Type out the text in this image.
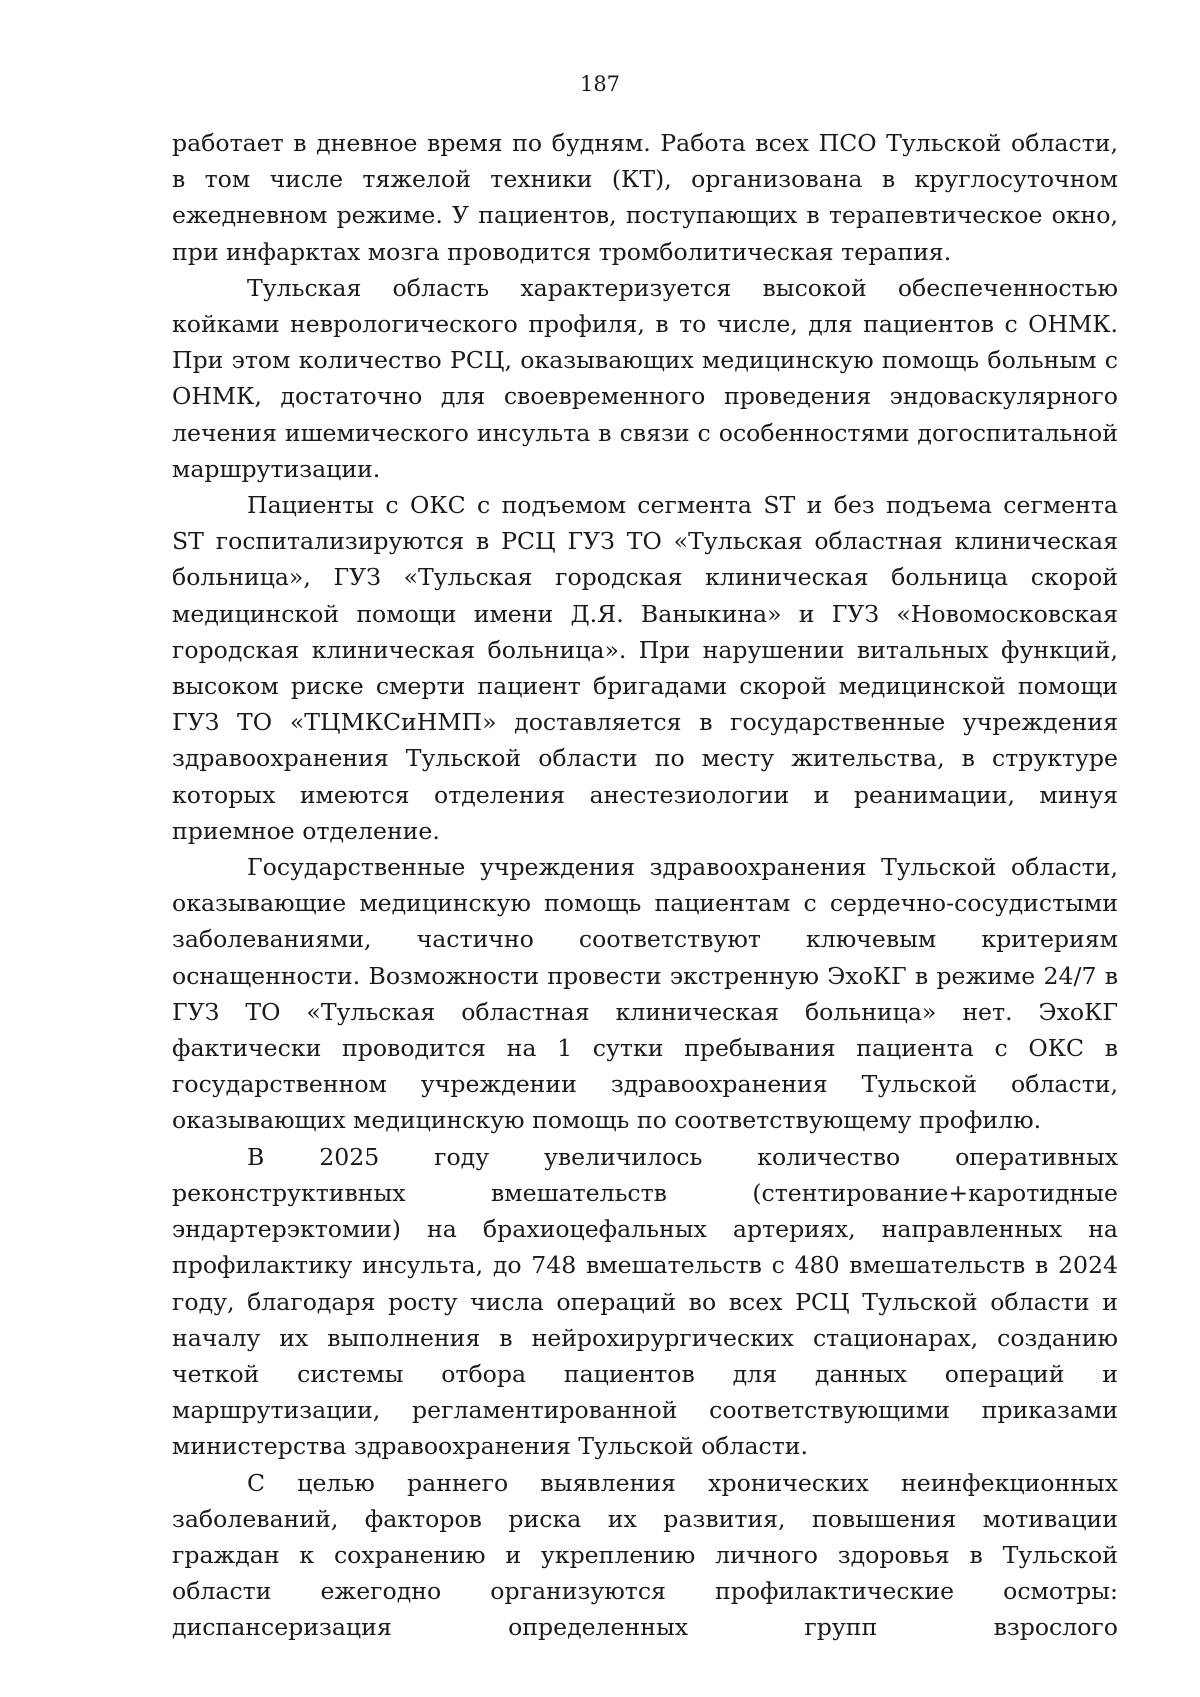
187

работает в дневное время по будням. Работа всех ПСО Тульской области, в том числе тяжелой техники (КТ), организована в круглосуточном ежедневном режиме. У пациентов, поступающих в терапевтическое окно, при инфарктах мозга проводится тромболитическая терапия.

Тульская область характеризуется высокой обеспеченностью койками неврологического профиля, в то числе, для пациентов с ОНМК. При этом количество РСЦ, оказывающих медицинскую помощь больным с ОНМК, достаточно для своевременного проведения эндоваскулярного лечения ишемического инсульта в связи с особенностями догоспитальной маршрутизации.

Пациенты с ОКС с подъемом сегмента ST и без подъема сегмента ST госпитализируются в РСЦ ГУЗ ТО «Тульская областная клиническая больница», ГУЗ «Тульская городская клиническая больница скорой медицинской помощи имени Д.Я. Ваныкина» и ГУЗ «Новомосковская городская клиническая больница». При нарушении витальных функций, высоком риске смерти пациент бригадами скорой медицинской помощи ГУЗ ТО «ТЦМКСиНМП» доставляется в государственные учреждения здравоохранения Тульской области по месту жительства, в структуре которых имеются отделения анестезиологии и реанимации, минуя приемное отделение.

Государственные учреждения здравоохранения Тульской области, оказывающие медицинскую помощь пациентам с сердечно-сосудистыми заболеваниями, частично соответствуют ключевым критериям оснащенности. Возможности провести экстренную ЭхоКГ в режиме 24/7 в ГУЗ ТО «Тульская областная клиническая больница» нет. ЭхоКГ фактически проводится на 1 сутки пребывания пациента с ОКС в государственном учреждении здравоохранения Тульской области, оказывающих медицинскую помощь по соответствующему профилю.

В 2025 году увеличилось количество оперативных реконструктивных вмешательств (стентирование+каротидные эндартерэктомии) на брахиоцефальных артериях, направленных на профилактику инсульта, до 748 вмешательств с 480 вмешательств в 2024 году, благодаря росту числа операций во всех РСЦ Тульской области и началу их выполнения в нейрохирургических стационарах, созданию четкой системы отбора пациентов для данных операций и маршрутизации, регламентированной соответствующими приказами министерства здравоохранения Тульской области.

С целью раннего выявления хронических неинфекционных заболеваний, факторов риска их развития, повышения мотивации граждан к сохранению и укреплению личного здоровья в Тульской области ежегодно организуются профилактические осмотры: диспансеризация определенных групп взрослого
